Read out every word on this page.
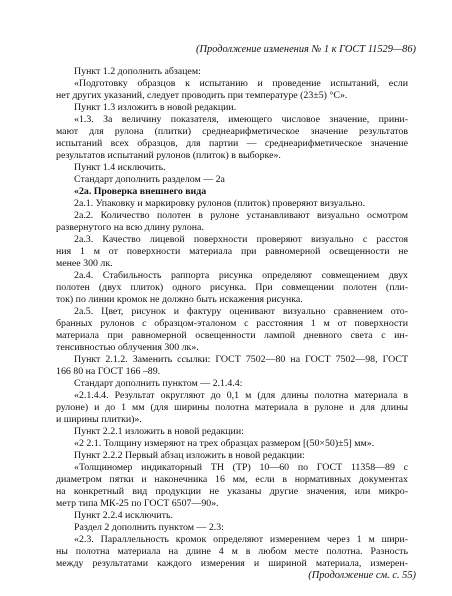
(Продолжение изменения № 1 к ГОСТ 11529—86)
Пункт 1.2 дополнить абзацем:
«Подготовку образцов к испытанию и проведение испытаний, если
нет других указаний, следует проводить при температуре (23±5) °С».
Пункт 1.3 изложить в новой редакции.
«1.3. За величину показателя, имеющего числовое значение, прини-
мают для рулона (плитки) среднеарифметическое значение результатов
испытаний всех образцов, для партии — среднеарифметическое значение
результатов испытаний рулонов (плиток) в выборке».
Пункт 1.4 исключить.
Стандарт дополнить разделом — 2а
«2а. Проверка внешнего вида
2а.1. Упаковку и маркировку рулонов (плиток) проверяют визуально.
2а.2. Количество полотен в рулоне устанавливают визуально осмотром
развернутого на всю длину рулона.
2а.3. Качество лицевой поверхности проверяют визуально с расстоя
ния 1 м от поверхности материала при равномерной освещенности не
менее 300 лк.
2а.4. Стабильность раппорта рисунка определяют совмещением двух
полотен (двух плиток) одного рисунка. При совмещении полотен (пли-
ток) по линии кромок не должно быть искажения рисунка.
2а.5. Цвет, рисунок и фактуру оценивают визуально сравнением ото-
бранных рулонов с образцом-эталоном с расстояния 1 м от поверхности
материала при равномерной освещенности лампой дневного света с ин-
тенсивностью облучения 300 лк».
Пункт 2.1.2. Заменить ссылки: ГОСТ 7502—80 на ГОСТ 7502—98, ГОСТ
166 80 на ГОСТ 166 –89.
Стандарт дополнить пунктом — 2.1.4.4:
«2.1.4.4. Результат округляют до 0,1 м (для длины полотна материала в
рулоне) и до 1 мм (для ширины полотна материала в рулоне и для длины
и ширины плитки)».
Пункт 2.2.1 изложить в новой редакции:
«2 2.1. Толщину измеряют на трех образцах размером [(50×50)±5] мм».
Пункт 2.2.2 Первый абзац изложить в новой редакции:
«Толщиномер индикаторный ТН (ТР) 10—60 по ГОСТ 11358—89 с
диаметром пятки и наконечника 16 мм, если в нормативных документах
на конкретный вид продукции не указаны другие значения, или микро-
метр типа МК-25 по ГОСТ 6507—90».
Пункт 2.2.4 исключить.
Раздел 2 дополнить пунктом — 2.3:
«2.3. Параллельность кромок определяют измерением через 1 м шири-
ны полотна материала на длине 4 м в любом месте полотна. Разность
между результатами каждого измерения и шириной материала, измерен-
(Продолжение см. с. 55)
